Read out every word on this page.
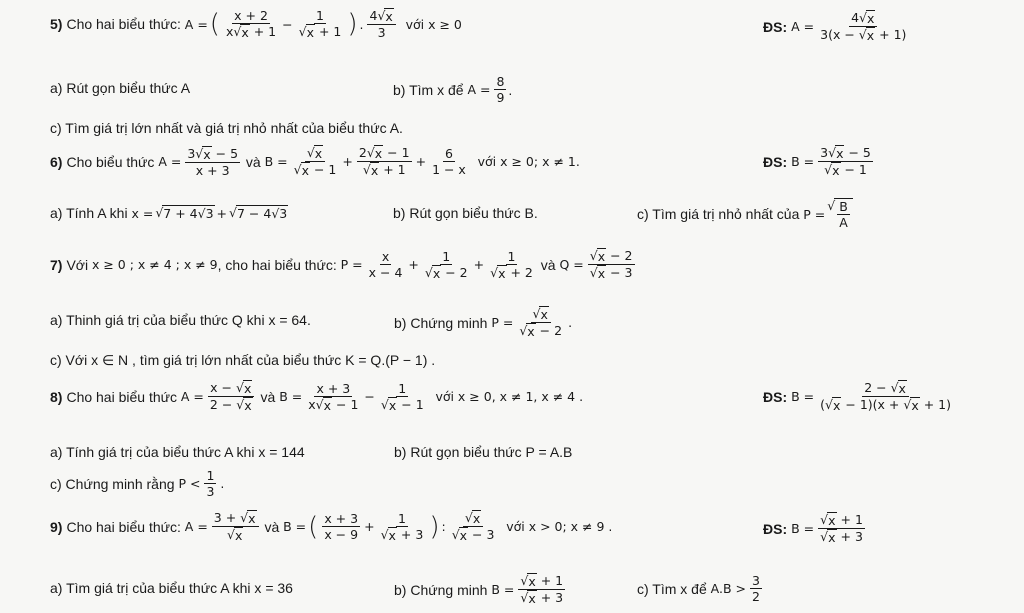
5) Cho hai biểu thức:
A = ( x + 2
x√ x + 1 −
1
√ x + 1 ) .
4√ x
3

với x ≥ 0	ĐS: A =
4√ x
3(x − √ x + 1)
a) Rút gọn biểu thức A	b) Tìm x để
A =
8
9 .
c) Tìm giá trị lớn nhất và giá trị nhỏ nhất của biểu thức A.
6) Cho biểu thức
A =
3√ x − 5
x + 3

và
B =
√ x
√ x − 1
+
2√ x − 1
√ x + 1
+
6
1 − x

với x ≥ 0; x ≠ 1.	ĐS: B =
3√ x − 5
√ x − 1
a) Tính A khi
x = √ 7 + 4√3 + √ 7 − 4√3	b) Rút gọn biểu thức B.	c) Tìm giá trị nhỏ nhất của
P =
√ $\frac{B}{A}$
7) Với
x ≥ 0 ; x ≠ 4 ; x ≠ 9 , cho hai biểu thức:
P =
x
x − 4
+
1
√ x − 2 +
1
√ x + 2
và
Q =
√ x − 2
√ x − 3
a) Thinh giá trị của biểu thức Q khi x = 64.	b) Chứng minh
P =
√ x
√ x − 2
.
c) Với x ∈ N , tìm giá trị lớn nhất của biểu thức K = Q.(P − 1) .
8) Cho hai biểu thức
A =
x − √ x
2 − √ x

và
B =
x + 3
x√ x − 1 −
1
√ x − 1
với x ≥ 0, x ≠ 1, x ≠ 4 .	ĐS: B =
2 − √ x
(√ x − 1)(x + √ x + 1)
a) Tính giá trị của biểu thức A khi x = 144	b) Rút gọn biểu thức P = A.B
c) Chứng minh rằng
P <
1
3
.
9) Cho hai biểu thức:
A =
3 + √ x
√ x

và
B = ( x + 3
x − 9
+
1
√ x + 3 ) :
√ x
√ x − 3

với x > 0; x ≠ 9 .	ĐS: B =
√ x + 1
√ x + 3
a) Tìm giá trị của biểu thức A khi x = 36	b) Chứng minh
B =
√ x + 1
√ x + 3
c) Tìm x để
A.B >
3
2
